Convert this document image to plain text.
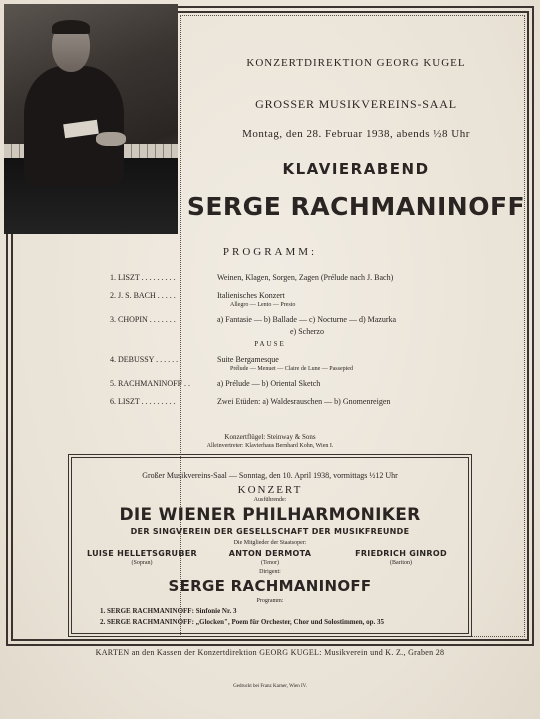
KONZERTDIREKTION GEORG KUGEL
GROSSER MUSIKVEREINS-SAAL
Montag, den 28. Februar 1938, abends ½8 Uhr
KLAVIERABEND
SERGE RACHMANINOFF
PROGRAMM:
1. LISZT . . . . . . . . .	Weinen, Klagen, Sorgen, Zagen (Prélude nach J. Bach)
2. J. S. BACH . . . . .	Italienisches Konzert
Allegro — Lento — Presto
3. CHOPIN . . . . . . .	a) Fantasie — b) Ballade — c) Nocturne — d) Mazurka
e) Scherzo
PAUSE
4. DEBUSSY . . . . . .	Suite Bergamesque
Prélude — Menuet — Claire de Lune — Passepied
5. RACHMANINOFF . .	a) Prélude — b) Oriental Sketch
6. LISZT . . . . . . . . .	Zwei Etüden: a) Waldesrauschen — b) Gnomenreigen
Konzertflügel: Steinway & Sons
Alleinvertreter: Klavierhaus Bernhard Kohn, Wien I.
Großer Musikvereins-Saal — Sonntag, den 10. April 1938, vormittags ½12 Uhr
KONZERT
Ausführende:
DIE WIENER PHILHARMONIKER
DER SINGVEREIN DER GESELLSCHAFT DER MUSIKFREUNDE
Die Mitglieder der Staatsoper:
LUISE HELLETSGRUBER
(Sopran)
ANTON DERMOTA
(Tenor)
FRIEDRICH GINROD
(Bariton)
Dirigent:
SERGE RACHMANINOFF
Programm:
1. SERGE RACHMANINOFF: Sinfonie Nr. 3
2. SERGE RACHMANINOFF: „Glocken", Poem für Orchester, Chor und Solostimmen, op. 35
KARTEN an den Kassen der Konzertdirektion GEORG KUGEL: Musikverein und K. Z., Graben 28
Gedruckt bei Franz Karner, Wien IV.
